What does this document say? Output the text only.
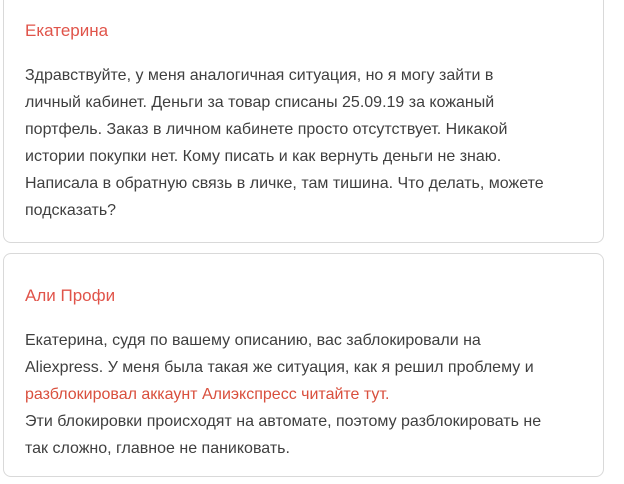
Екатерина
Здравствуйте, у меня аналогичная ситуация, но я могу зайти в
личный кабинет. Деньги за товар списаны 25.09.19 за кожаный
портфель. Заказ в личном кабинете просто отсутствует. Никакой
истории покупки нет. Кому писать и как вернуть деньги не знаю.
Написала в обратную связь в личке, там тишина. Что делать, можете
подсказать?
Али Профи
Екатерина, судя по вашему описанию, вас заблокировали на
Aliexpress. У меня была такая же ситуация, как я решил проблему и
разблокировал аккаунт Алиэкспресс читайте тут.
Эти блокировки происходят на автомате, поэтому разблокировать не
так сложно, главное не паниковать.
